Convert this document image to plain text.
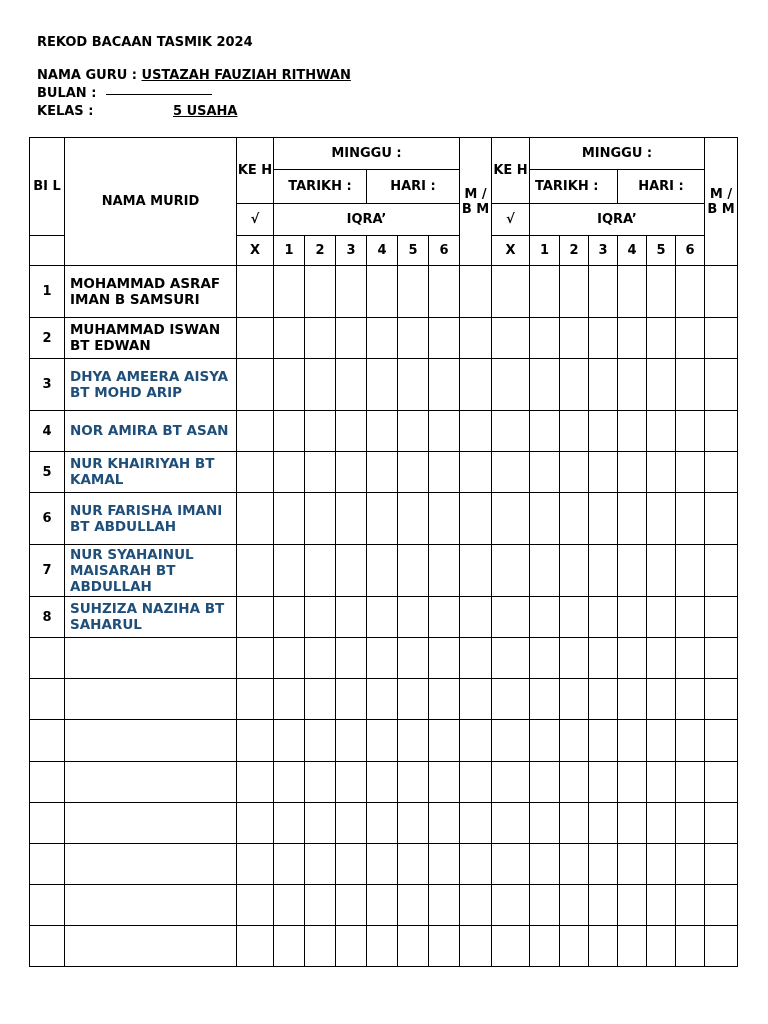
REKOD BACAAN TASMIK 2024
NAMA GURU : USTAZAH FAUZIAH RITHWAN
BULAN :
KELAS :	5 USAHA
BI L	NAMA MURID	KE H	MINGGU :						M / B M	KE H	MINGGU :						M / B M
			TARIKH :			HARI :					TARIKH :			HARI :			
		√	IQRA’							√	IQRA’						
		X	1	2	3	4	5	6		X	1	2	3	4	5	6	
1	MOHAMMAD ASRAF IMAN B SAMSURI																
2	MUHAMMAD ISWAN BT EDWAN																
3	DHYA AMEERA AISYA BT MOHD ARIP																
4	NOR AMIRA BT ASAN																
5	NUR KHAIRIYAH BT KAMAL																
6	NUR FARISHA IMANI BT ABDULLAH																
7	NUR SYAHAINUL MAISARAH BT ABDULLAH																
8	SUHZIZA NAZIHA BT SAHARUL																
